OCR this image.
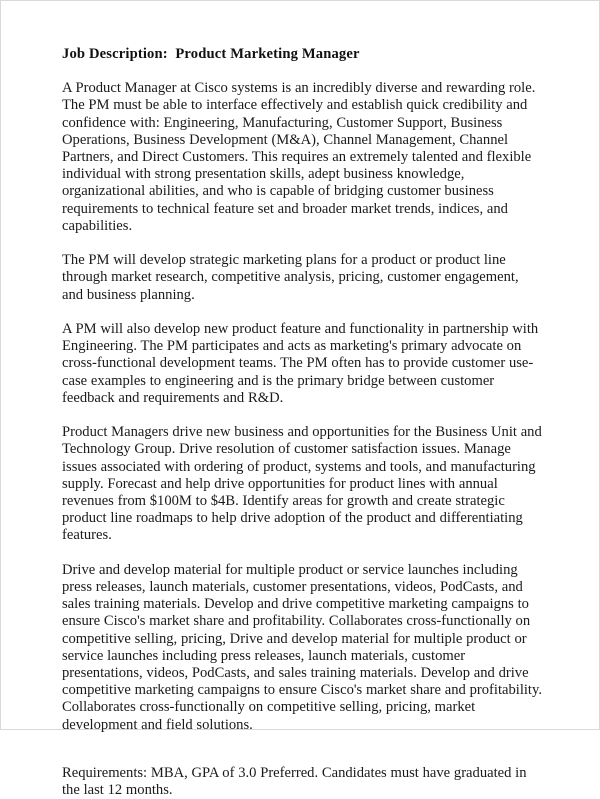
Job Description:  Product Marketing Manager

A Product Manager at Cisco systems is an incredibly diverse and rewarding role. The PM must be able to interface effectively and establish quick credibility and confidence with: Engineering, Manufacturing, Customer Support, Business Operations, Business Development (M&A), Channel Management, Channel Partners, and Direct Customers. This requires an extremely talented and flexible individual with strong presentation skills, adept business knowledge, organizational abilities, and who is capable of bridging customer business requirements to technical feature set and broader market trends, indices, and capabilities.

The PM will develop strategic marketing plans for a product or product line through market research, competitive analysis, pricing, customer engagement, and business planning.

A PM will also develop new product feature and functionality in partnership with Engineering. The PM participates and acts as marketing's primary advocate on cross-functional development teams. The PM often has to provide customer use-case examples to engineering and is the primary bridge between customer feedback and requirements and R&D.

Product Managers drive new business and opportunities for the Business Unit and Technology Group. Drive resolution of customer satisfaction issues. Manage issues associated with ordering of product, systems and tools, and manufacturing supply. Forecast and help drive opportunities for product lines with annual revenues from $100M to $4B. Identify areas for growth and create strategic product line roadmaps to help drive adoption of the product and differentiating features.

Drive and develop material for multiple product or service launches including press releases, launch materials, customer presentations, videos, PodCasts, and sales training materials. Develop and drive competitive marketing campaigns to ensure Cisco's market share and profitability. Collaborates cross-functionally on competitive selling, pricing, Drive and develop material for multiple product or service launches including press releases, launch materials, customer presentations, videos, PodCasts, and sales training materials. Develop and drive competitive marketing campaigns to ensure Cisco's market share and profitability. Collaborates cross-functionally on competitive selling, pricing, market development and field solutions.

Requirements: MBA, GPA of 3.0 Preferred. Candidates must have graduated in the last 12 months.
